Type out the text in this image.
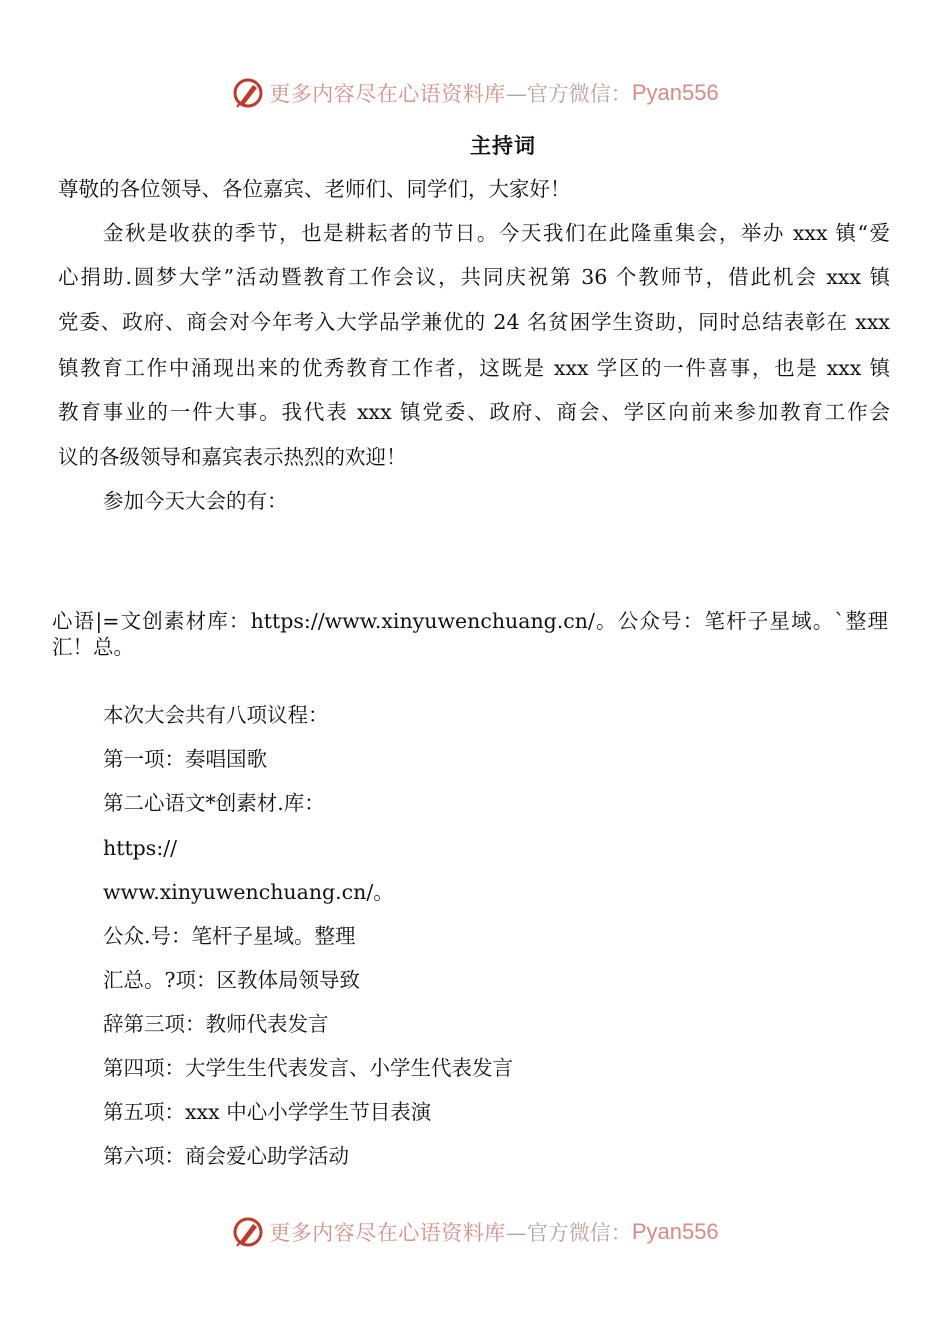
更多内容尽在心语资料库 —官方微信： Pyan556
主持词
尊敬的各位领导、各位嘉宾、老师们、同学们，大家好！
金秋是收获的季节，也是耕耘者的节日。今天我们在此隆重集会，举办 xxx 镇“爱
心捐助.圆梦大学”活动暨教育工作会议，共同庆祝第 36 个教师节，借此机会 xxx 镇
党委、政府、商会对今年考入大学品学兼优的 24 名贫困学生资助，同时总结表彰在 xxx
镇教育工作中涌现出来的优秀教育工作者，这既是 xxx 学区的一件喜事，也是 xxx 镇
教育事业的一件大事。我代表 xxx 镇党委、政府、商会、学区向前来参加教育工作会
议的各级领导和嘉宾表示热烈的欢迎！
参加今天大会的有：
心语|=文创素材库：https://www.xinyuwenchuang.cn/。公众号：笔杆子星域。`整理
汇！总。
本次大会共有八项议程：
第一项：奏唱国歌
第二心语文*创素材.库：
https://
www.xinyuwenchuang.cn/。
公众.号：笔杆子星域。整理
汇总。?项：区教体局领导致
辞第三项：教师代表发言
第四项：大学生生代表发言、小学生代表发言
第五项：xxx 中心小学学生节目表演
第六项：商会爱心助学活动
更多内容尽在心语资料库 —官方微信： Pyan556
